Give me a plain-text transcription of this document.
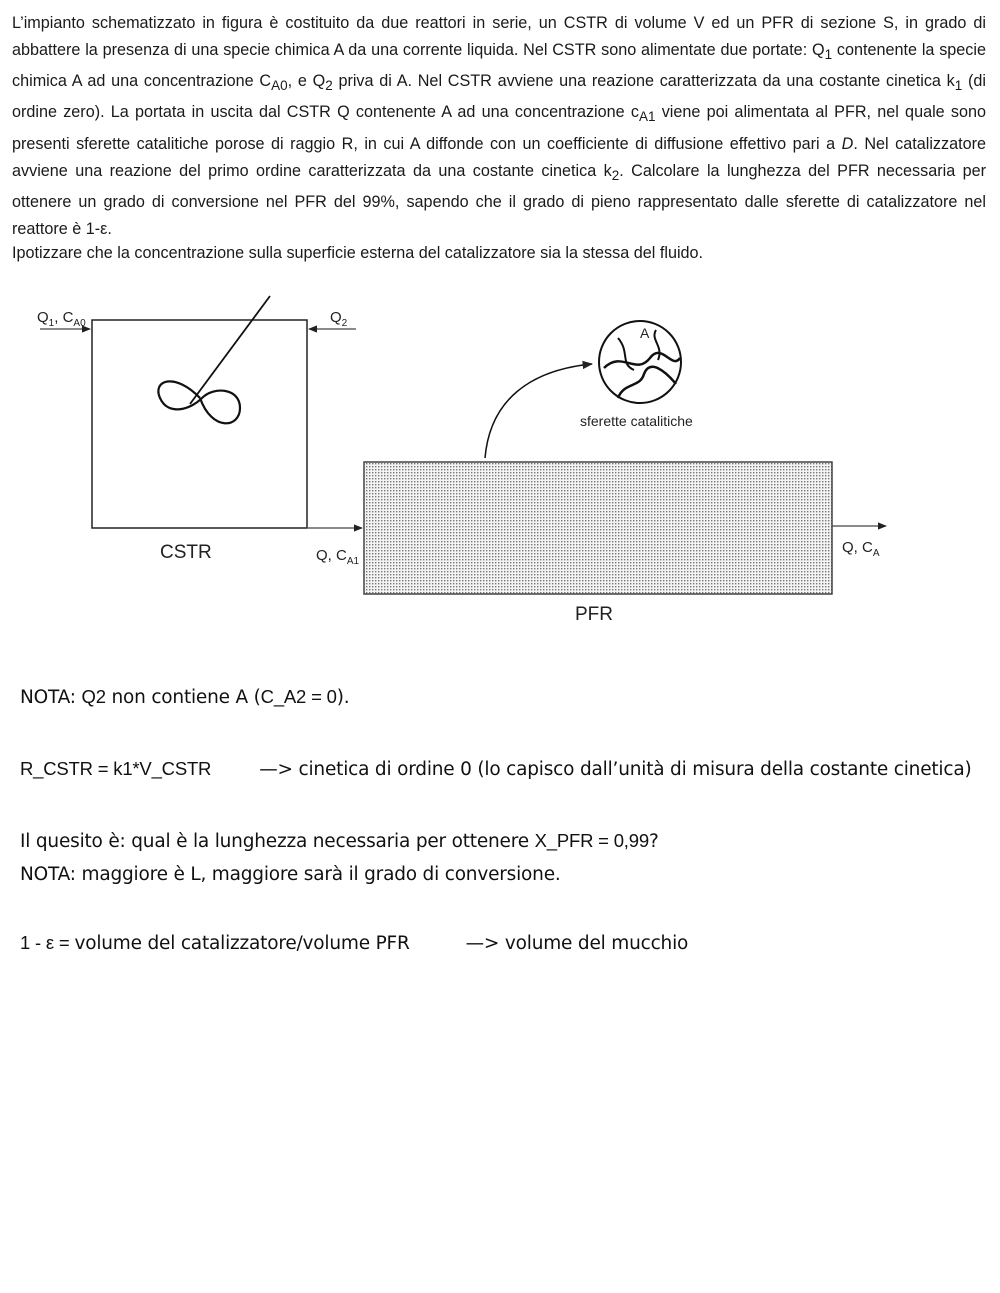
L’impianto schematizzato in figura è costituito da due reattori in serie, un CSTR di volume V ed un PFR di sezione S, in grado di abbattere la presenza di una specie chimica A da una corrente liquida. Nel CSTR sono alimentate due portate: $Q_1$ contenente la specie chimica A ad una concentrazione $C_{A0}$, e $Q_2$ priva di A. Nel CSTR avviene una reazione caratterizzata da una costante cinetica $k_1$ (di ordine zero). La portata in uscita dal CSTR Q contenente A ad una concentrazione $c_{A1}$ viene poi alimentata al PFR, nel quale sono presenti sferette catalitiche porose di raggio R, in cui A diffonde con un coefficiente di diffusione effettivo pari a D. Nel catalizzatore avviene una reazione del primo ordine caratterizzata da una costante cinetica $k_2$. Calcolare la lunghezza del PFR necessaria per ottenere un grado di conversione nel PFR del 99%, sapendo che il grado di pieno rappresentato dalle sferette di catalizzatore nel reattore è 1-ε.

Ipotizzare che la concentrazione sulla superficie esterna del catalizzatore sia la stessa del fluido.

$Q_1$, $C_{A0}$	$Q_2$
CSTR	Q, $C_{A1}$
Q, $C_A$
PFR
A
sferette catalitiche
NOTA: Q2 non contiene A (C_A2 = 0).
R_CSTR = k1*V_CSTR	—> cinetica di ordine 0 (lo capisco dall’unità di misura della costante cinetica)
Il quesito è: qual è la lunghezza necessaria per ottenere X_PFR = 0,99?
NOTA: maggiore è L, maggiore sarà il grado di conversione.
1 - ε = volume del catalizzatore/volume PFR	—> volume del mucchio
